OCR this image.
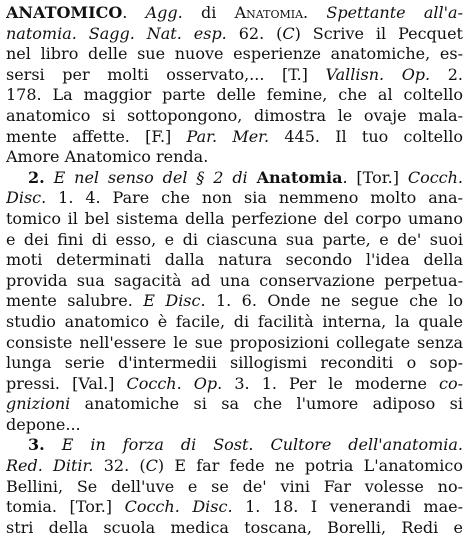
ANATOMICO. Agg. di Anatomia. Spettante all'a-
natomia. Sagg. Nat. esp. 62. (C) Scrive il Pecquet
nel libro delle sue nuove esperienze anatomiche, es-
sersi per molti osservato,... [T.] Vallisn. Op. 2.
178. La maggior parte delle femine, che al coltello
anatomico si sottopongono, dimostra le ovaje mala-
mente affette. [F.] Par. Mer. 445. Il tuo coltello
Amore Anatomico renda.
2. E nel senso del § 2 di Anatomia. [Tor.] Cocch.
Disc. 1. 4. Pare che non sia nemmeno molto ana-
tomico il bel sistema della perfezione del corpo umano
e dei fini di esso, e di ciascuna sua parte, e de' suoi
moti determinati dalla natura secondo l'idea della
provida sua sagacità ad una conservazione perpetua-
mente salubre. E Disc. 1. 6. Onde ne segue che lo
studio anatomico è facile, di facilità interna, la quale
consiste nell'essere le sue proposizioni collegate senza
lunga serie d'intermedii sillogismi reconditi o sop-
pressi. [Val.] Cocch. Op. 3. 1. Per le moderne co-
gnizioni anatomiche si sa che l'umore adiposo si
depone...
3. E in forza di Sost. Cultore dell'anatomia.
Red. Ditir. 32. (C) E far fede ne potria L'anatomico
Bellini, Se dell'uve e se de' vini Far volesse no-
tomia. [Tor.] Cocch. Disc. 1. 18. I venerandi mae-
stri della scuola medica toscana, Borelli, Redi e
